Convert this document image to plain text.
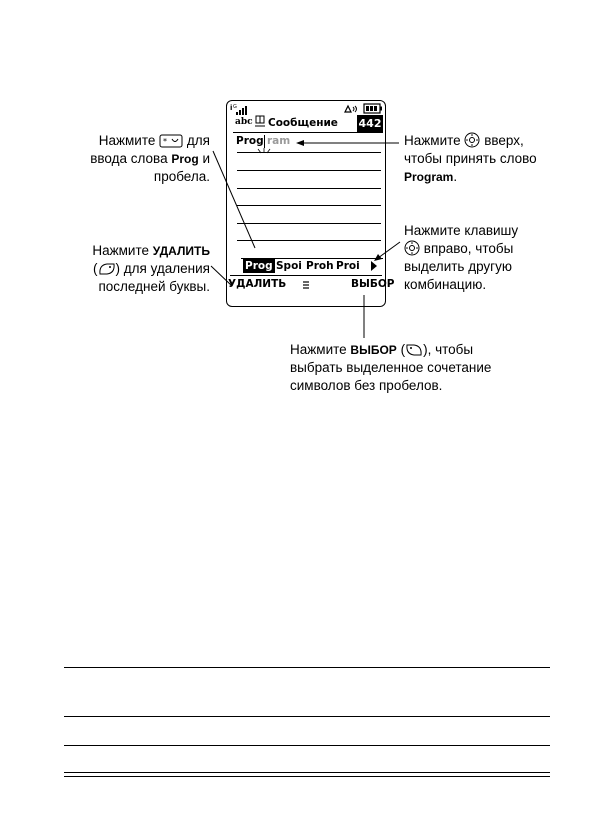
i G
abc Сообщение 442
Prog ram
Prog Spoi Proh Proi
УДАЛИТЬ	ВЫБОР
Нажмите * для
ввода слова Prog и
пробела.
Нажмите УДАЛИТЬ
( ) для удаления
последней буквы.
Нажмите вверх,
чтобы принять слово
Program.
Нажмите клавишу
вправо, чтобы
выделить другую
комбинацию.
Нажмите ВЫБОР ( ), чтобы
выбрать выделенное сочетание
символов без пробелов.
